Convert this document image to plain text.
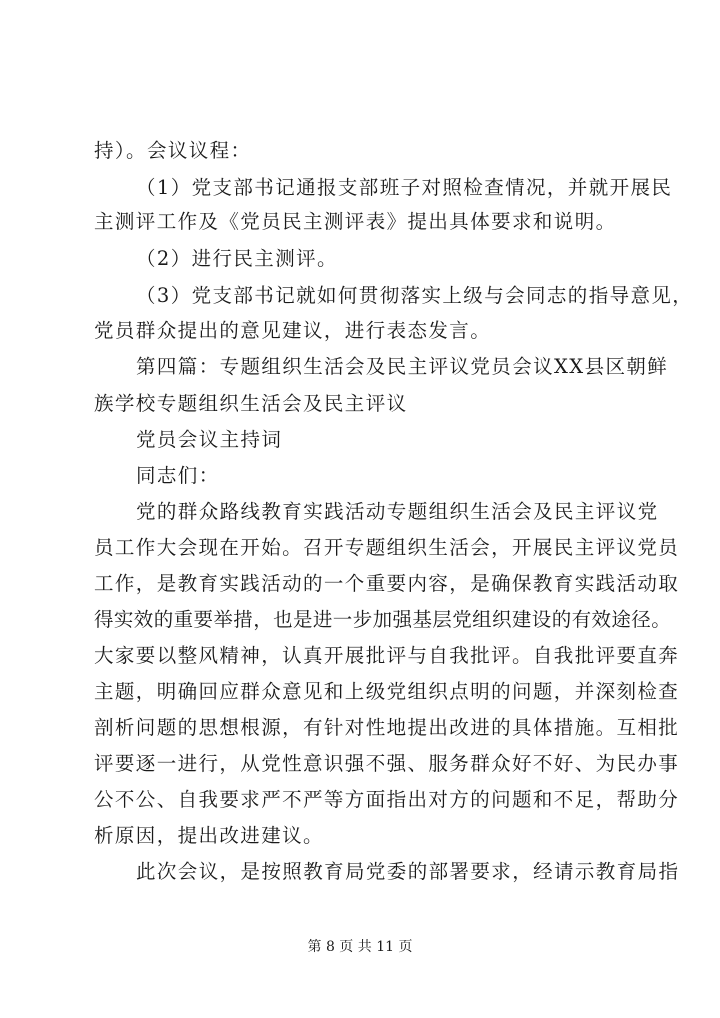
持）。会议议程：
（1）党支部书记通报支部班子对照检查情况，并就开展民
主测评工作及《党员民主测评表》提出具体要求和说明。
（2）进行民主测评。
（3）党支部书记就如何贯彻落实上级与会同志的指导意见，
党员群众提出的意见建议，进行表态发言。
第四篇：专题组织生活会及民主评议党员会议XX县区朝鲜
族学校专题组织生活会及民主评议
党员会议主持词
同志们：
党的群众路线教育实践活动专题组织生活会及民主评议党
员工作大会现在开始。召开专题组织生活会，开展民主评议党员
工作，是教育实践活动的一个重要内容，是确保教育实践活动取
得实效的重要举措，也是进一步加强基层党组织建设的有效途径。
大家要以整风精神，认真开展批评与自我批评。自我批评要直奔
主题，明确回应群众意见和上级党组织点明的问题，并深刻检查
剖析问题的思想根源，有针对性地提出改进的具体措施。互相批
评要逐一进行，从党性意识强不强、服务群众好不好、为民办事
公不公、自我要求严不严等方面指出对方的问题和不足，帮助分
析原因，提出改进建议。
此次会议，是按照教育局党委的部署要求，经请示教育局指
第 8 页 共 11 页
